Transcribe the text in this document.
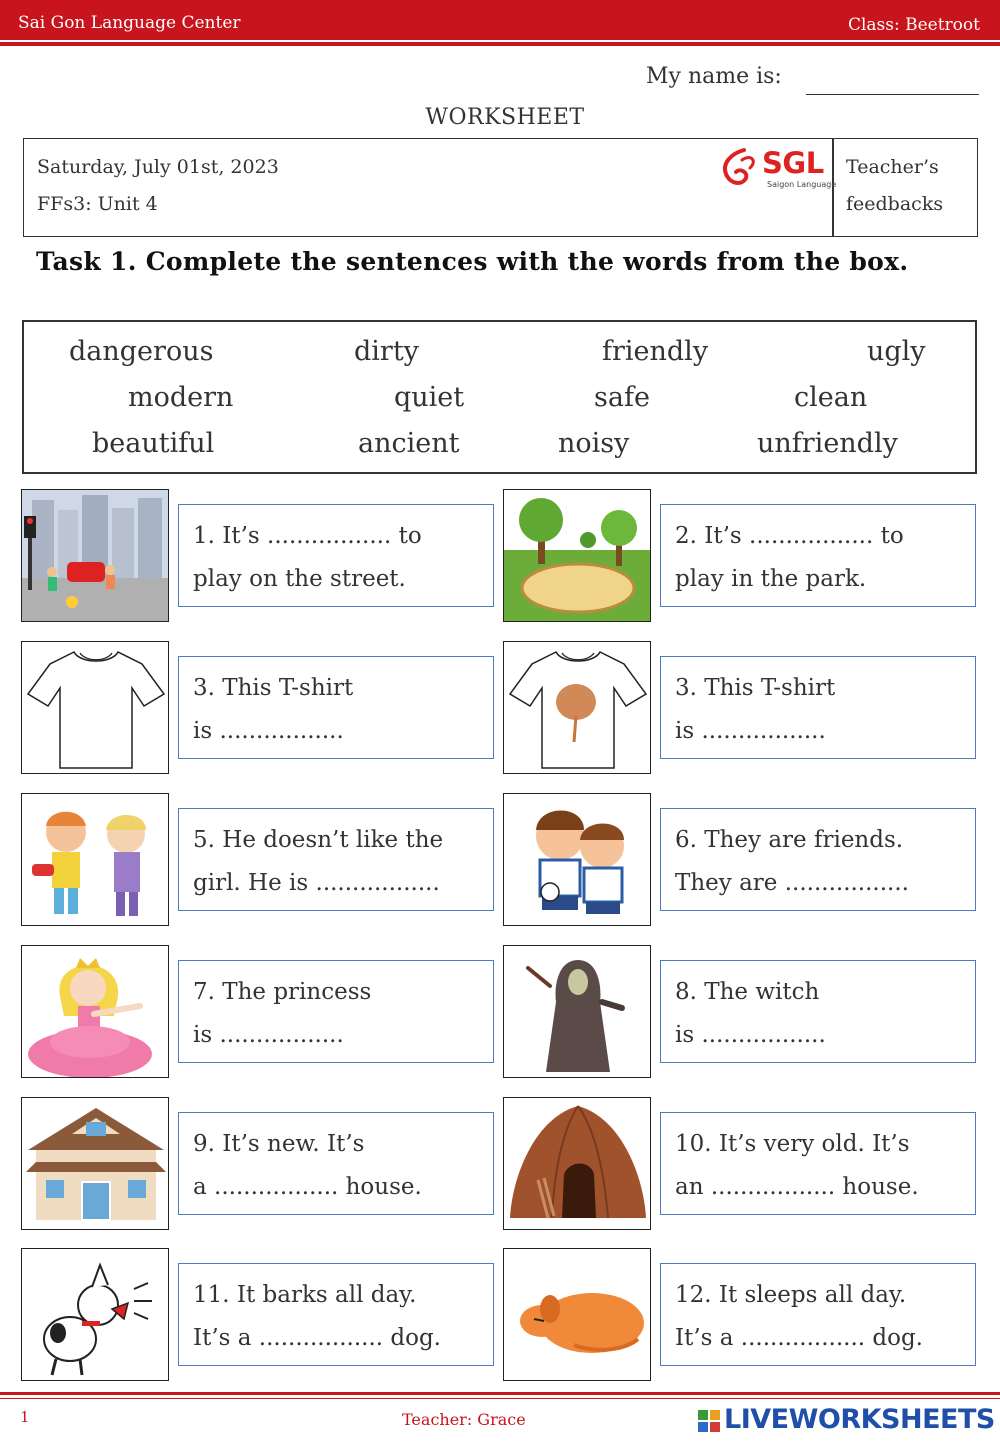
Sai Gon Language Center	Class: Beetroot
My name is:
WORKSHEET
Saturday, July 01st, 2023
FFs3: Unit 4
Teacher’s
feedbacks
SGL
Saigon Language
Task 1. Complete the sentences with the words from the box.
dangerous	dirty	friendly	ugly
modern	quiet	safe	clean
beautiful	ancient	noisy	unfriendly
1. It’s ................. to
play on the street.
2. It’s ................. to
play in the park.
3. This T-shirt
is .................
3. This T-shirt
is .................
5. He doesn’t like the
girl. He is .................
6. They are friends.
They are .................
7. The princess
is .................
8. The witch
is .................
9. It’s new. It’s
a ................. house.
10. It’s very old. It’s
an ................. house.
11. It barks all day.
It’s a ................. dog.
12. It sleeps all day.
It’s a ................. dog.
1	Teacher: Grace	LIVEWORKSHEETS
